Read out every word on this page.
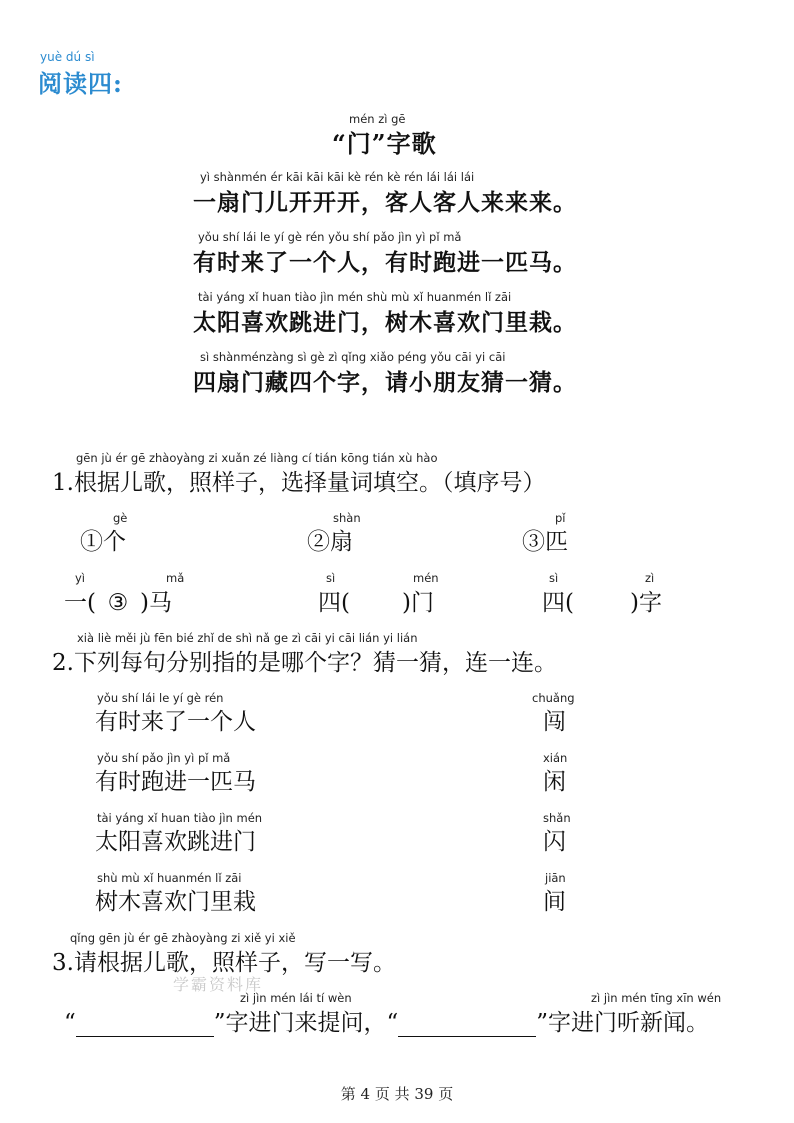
yuè dú sì
阅读四:
mén zì gē
“门”字歌
yì shànmén ér kāi kāi kāi kè rén kè rén lái lái lái
一扇门儿开开开，客人客人来来来。
yǒu shí lái le yí gè rén yǒu shí pǎo jìn yì pǐ mǎ
有时来了一个人，有时跑进一匹马。
tài yáng xǐ huan tiào jìn mén shù mù xǐ huanmén lǐ zāi
太阳喜欢跳进门，树木喜欢门里栽。
sì shànménzàng sì gè zì qǐng xiǎo péng yǒu cāi yi cāi
四扇门藏四个字，请小朋友猜一猜。
gēn jù ér gē zhàoyàng zi xuǎn zé liàng cí tián kōng tián xù hào
1.根据儿歌，照样子，选择量词填空。（填序号）
gè
①个
shàn
②扇
pǐ
③匹
yì	mǎ
一( ③ )马
sì	mén
四( )门
sì	zì
四( )字
xià liè měi jù fēn bié zhǐ de shì nǎ ge zì cāi yi cāi lián yi lián
2.下列每句分别指的是哪个字？猜一猜，连一连。
yǒu shí lái le yí gè rén
有时来了一个人
chuǎng
闯
yǒu shí pǎo jìn yì pǐ mǎ
有时跑进一匹马
xián
闲
tài yáng xǐ huan tiào jìn mén
太阳喜欢跳进门
shǎn
闪
shù mù xǐ huanmén lǐ zāi
树木喜欢门里栽
jiān
间
qǐng gēn jù ér gē zhàoyàng zi xiě yi xiě
3.请根据儿歌，照样子，写一写。
学霸资料库
zì jìn mén lái tí wèn	zì jìn mén tīng xīn wén
“	”字进门来提问，“	”字进门听新闻。
第 4 页 共 39 页
